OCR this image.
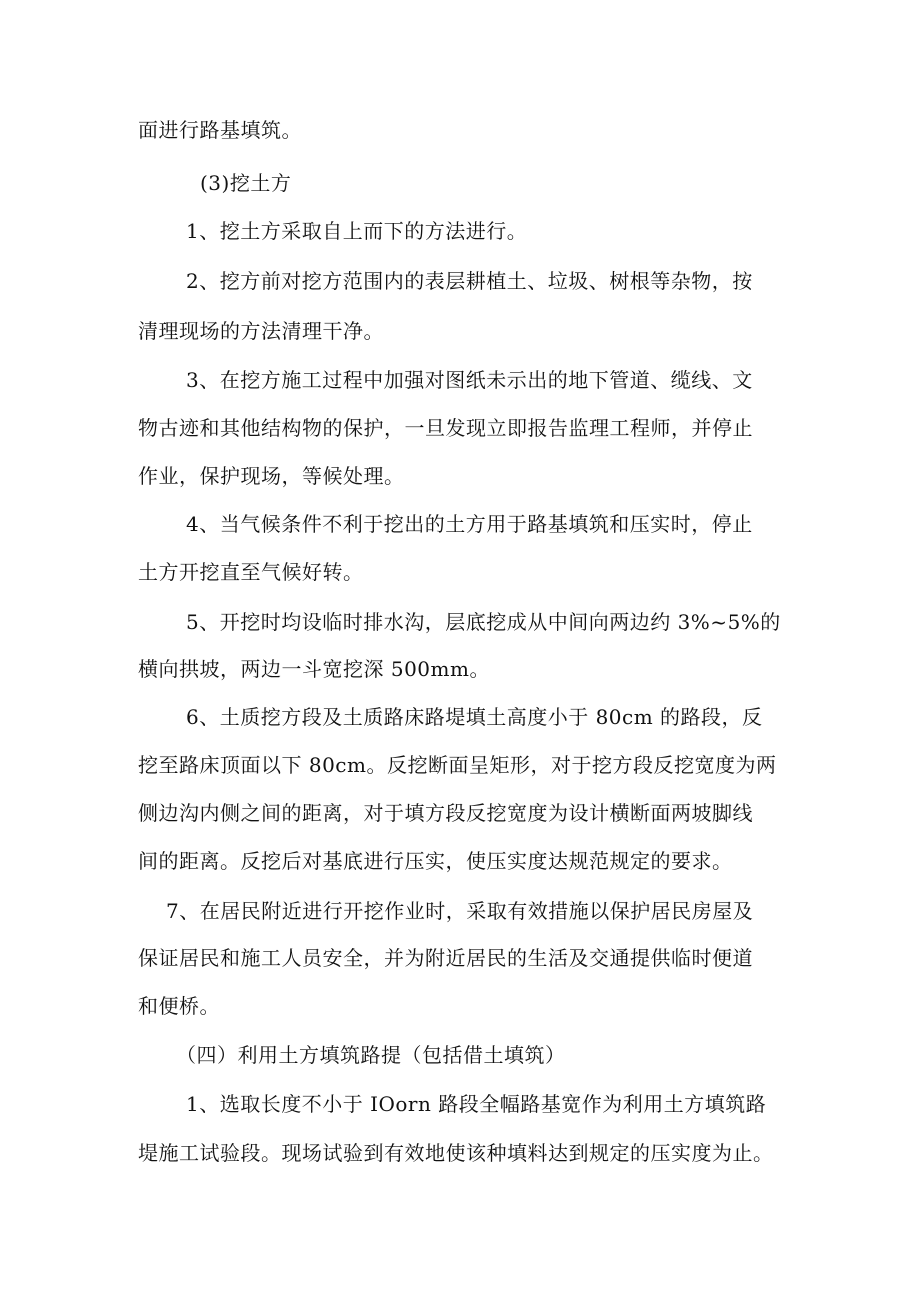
面进行路基填筑。
(3)挖土方
1、挖土方采取自上而下的方法进行。
2、挖方前对挖方范围内的表层耕植土、垃圾、树根等杂物，按
清理现场的方法清理干净。
3、在挖方施工过程中加强对图纸未示出的地下管道、缆线、文
物古迹和其他结构物的保护，一旦发现立即报告监理工程师，并停止
作业，保护现场，等候处理。
4、当气候条件不利于挖出的土方用于路基填筑和压实时，停止
土方开挖直至气候好转。
5、开挖时均设临时排水沟，层底挖成从中间向两边约 3%~5%的
横向拱坡，两边一斗宽挖深 500mm。
6、土质挖方段及土质路床路堤填土高度小于 80cm 的路段，反
挖至路床顶面以下 80cm。反挖断面呈矩形，对于挖方段反挖宽度为两
侧边沟内侧之间的距离，对于填方段反挖宽度为设计横断面两坡脚线
间的距离。反挖后对基底进行压实，使压实度达规范规定的要求。
7、在居民附近进行开挖作业时，采取有效措施以保护居民房屋及
保证居民和施工人员安全，并为附近居民的生活及交通提供临时便道
和便桥。
（四）利用土方填筑路提（包括借土填筑）
1、选取长度不小于 IOorn 路段全幅路基宽作为利用土方填筑路
堤施工试验段。现场试验到有效地使该种填料达到规定的压实度为止。
